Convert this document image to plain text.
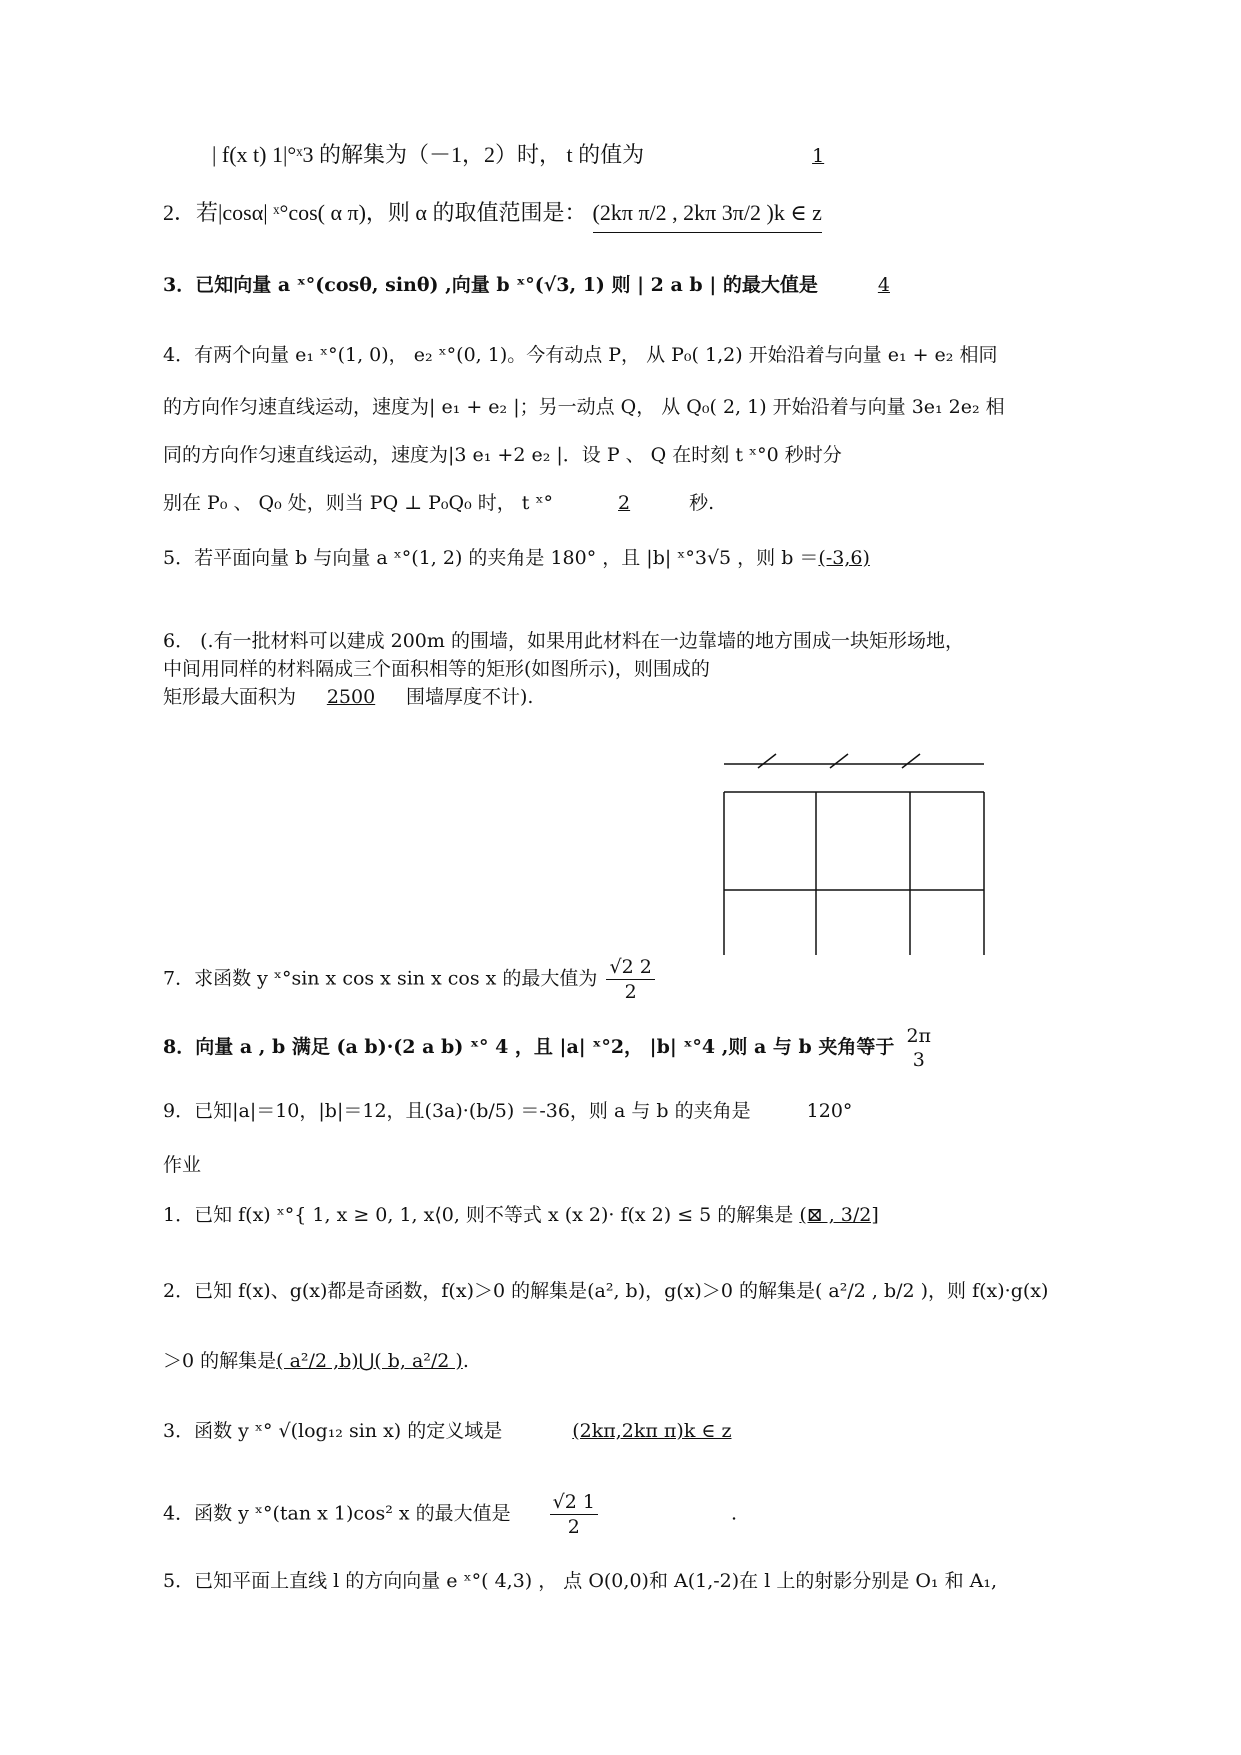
| f(x t) 1|°ˣ3 的解集为（－1，2）时， t 的值为	1
2．若|cosα| ˣ°cos( α π)，则 α 的取值范围是： (2kπ π/2 , 2kπ 3π/2 )k ∈ z
3．已知向量 a ˣ°(cosθ, sinθ) ,向量 b ˣ°(√3, 1) 则 | 2 a b | 的最大值是	4
4．有两个向量 e₁ ˣ°(1, 0)， e₂ ˣ°(0, 1)。今有动点 P， 从 P₀( 1,2) 开始沿着与向量 e₁ + e₂ 相同
的方向作匀速直线运动，速度为| e₁ + e₂ |；另一动点 Q， 从 Q₀( 2, 1) 开始沿着与向量 3e₁ 2e₂ 相
同的方向作匀速直线运动，速度为|3 e₁ +2 e₂ |．设 P 、 Q 在时刻 t ˣ°0 秒时分
别在 P₀ 、 Q₀ 处，则当 PQ ⊥ P₀Q₀ 时， t ˣ°	2	秒.
5．若平面向量 b 与向量 a ˣ°(1, 2) 的夹角是 180° ，且 |b| ˣ°3√5 ，则 b ＝(-3,6)
6． (.有一批材料可以建成 200m 的围墙，如果用此材料在一边靠墙的地方围成一块矩形场地，
中间用同样的材料隔成三个面积相等的矩形(如图所示)，则围成的
矩形最大面积为 2500 围墙厚度不计).
7．求函数 y ˣ°sin x cos x sin x cos x 的最大值为 $\frac{√2 2}{2}$
8．向量 a , b 满足 (a b)·(2 a b) ˣ° 4 ，且 |a| ˣ°2， |b| ˣ°4 ,则 a 与 b 夹角等于 2π
3

9．已知|a|＝10，|b|＝12，且(3a)·(b/5) ＝-36，则 a 与 b 的夹角是	120°
作业
1．已知 f(x) ˣ°{ 1, x ≥ 0, 1, x⟨0, 则不等式 x (x 2)· f(x 2) ≤ 5 的解集是 (⊠ , 3/2]
2．已知 f(x)、g(x)都是奇函数，f(x)＞0 的解集是(a², b)，g(x)＞0 的解集是( a²/2 , b/2 )，则 f(x)·g(x)
＞0 的解集是( a²/2 ,b)⋃( b, a²/2 ).
3．函数 y ˣ° √(log₁₂ sin x) 的定义域是	(2kπ,2kπ π)k ∈ z
4．函数 y ˣ°(tan x 1)cos² x 的最大值是 $\frac{√2 1}{2}$	.
5．已知平面上直线 l 的方向向量 e ˣ°( 4,3) ， 点 O(0,0)和 A(1,-2)在 l 上的射影分别是 O₁ 和 A₁,
